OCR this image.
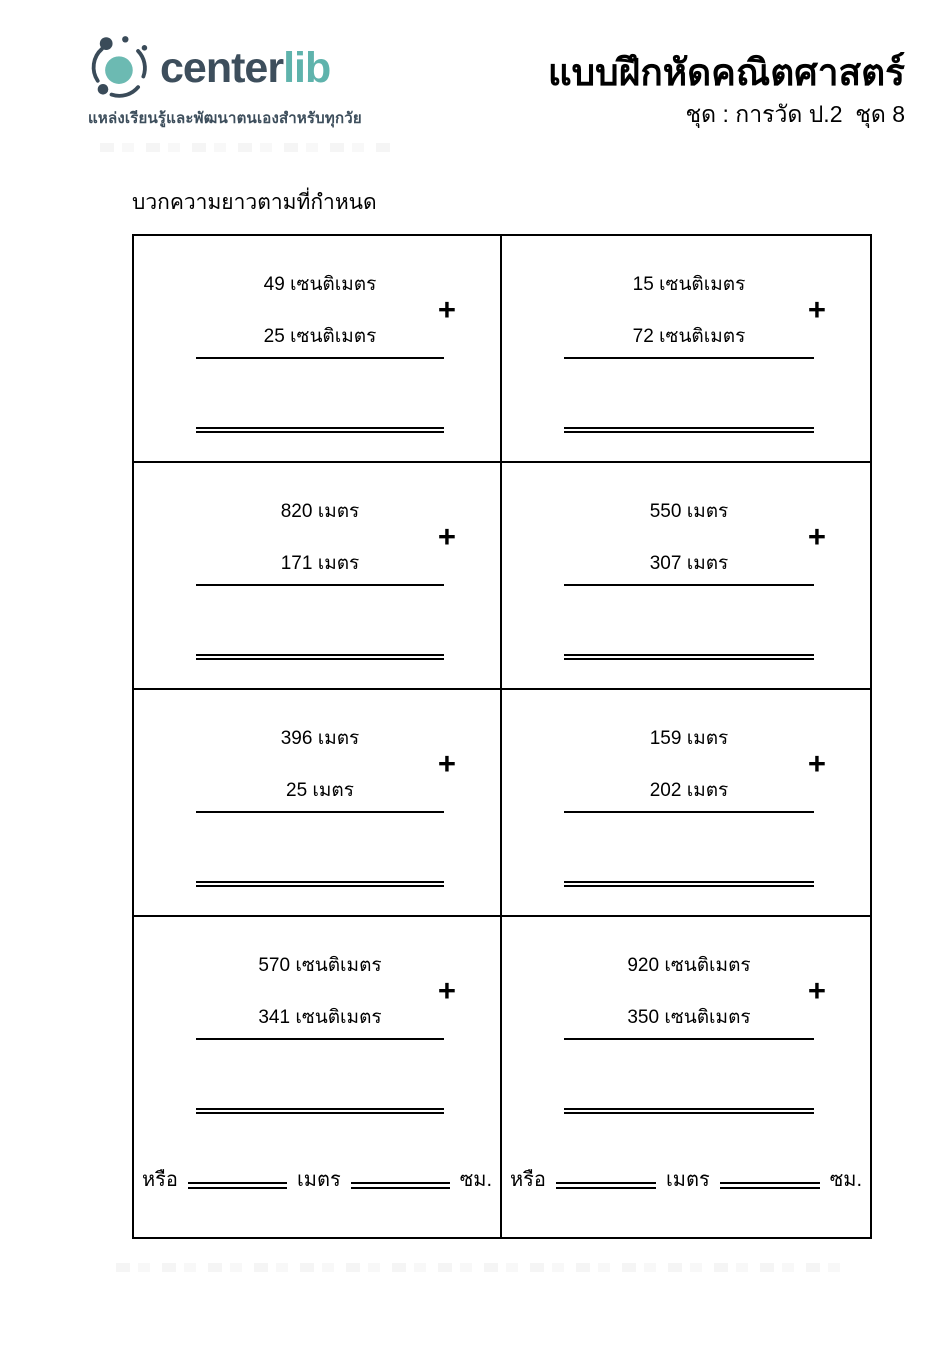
centerlib
แหล่งเรียนรู้และพัฒนาตนเองสำหรับทุกวัย
แบบฝึกหัดคณิตศาสตร์
ชุด : การวัด ป.2  ชุด 8
บวกความยาวตามที่กำหนด
49 เซนติเมตร
+
25 เซนติเมตร
15 เซนติเมตร
+
72 เซนติเมตร
820 เมตร
+
171 เมตร
550 เมตร
+
307 เมตร
396 เมตร
+
25 เมตร
159 เมตร
+
202 เมตร
570 เซนติเมตร
+
341 เซนติเมตร
หรือ	เมตร	ซม.
920 เซนติเมตร
+
350 เซนติเมตร
หรือ	เมตร	ซม.
